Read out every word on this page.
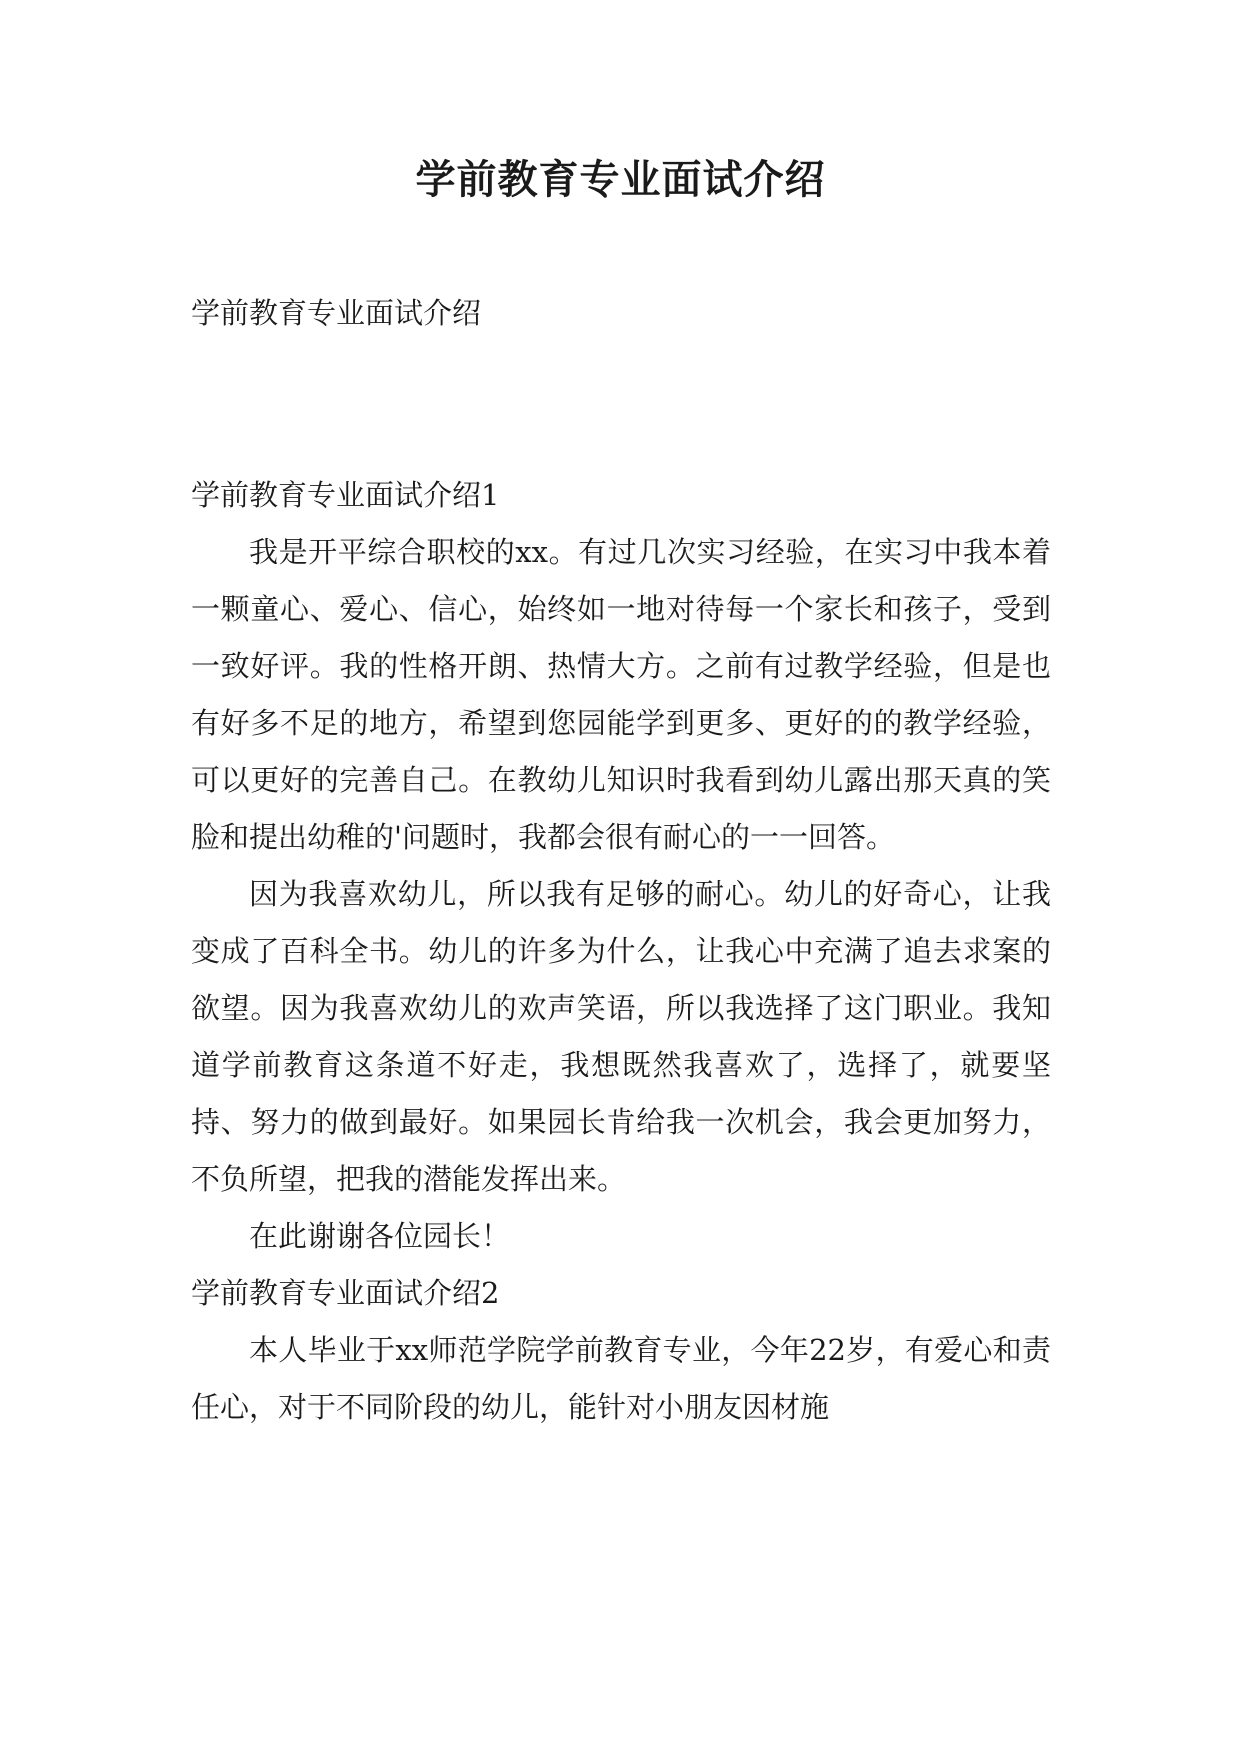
学前教育专业面试介绍
学前教育专业面试介绍

学前教育专业面试介绍1

我是开平综合职校的xx。有过几次实习经验，在实习中我本着一颗童心、爱心、信心，始终如一地对待每一个家长和孩子，受到一致好评。我的性格开朗、热情大方。之前有过教学经验，但是也有好多不足的地方，希望到您园能学到更多、更好的的教学经验，可以更好的完善自己。在教幼儿知识时我看到幼儿露出那天真的笑脸和提出幼稚的'问题时，我都会很有耐心的一一回答。

因为我喜欢幼儿，所以我有足够的耐心。幼儿的好奇心，让我变成了百科全书。幼儿的许多为什么，让我心中充满了追去求案的欲望。因为我喜欢幼儿的欢声笑语，所以我选择了这门职业。我知道学前教育这条道不好走，我想既然我喜欢了，选择了，就要坚持、努力的做到最好。如果园长肯给我一次机会，我会更加努力，不负所望，把我的潜能发挥出来。

在此谢谢各位园长！

学前教育专业面试介绍2

本人毕业于xx师范学院学前教育专业，今年22岁，有爱心和责任心，对于不同阶段的幼儿，能针对小朋友因材施
